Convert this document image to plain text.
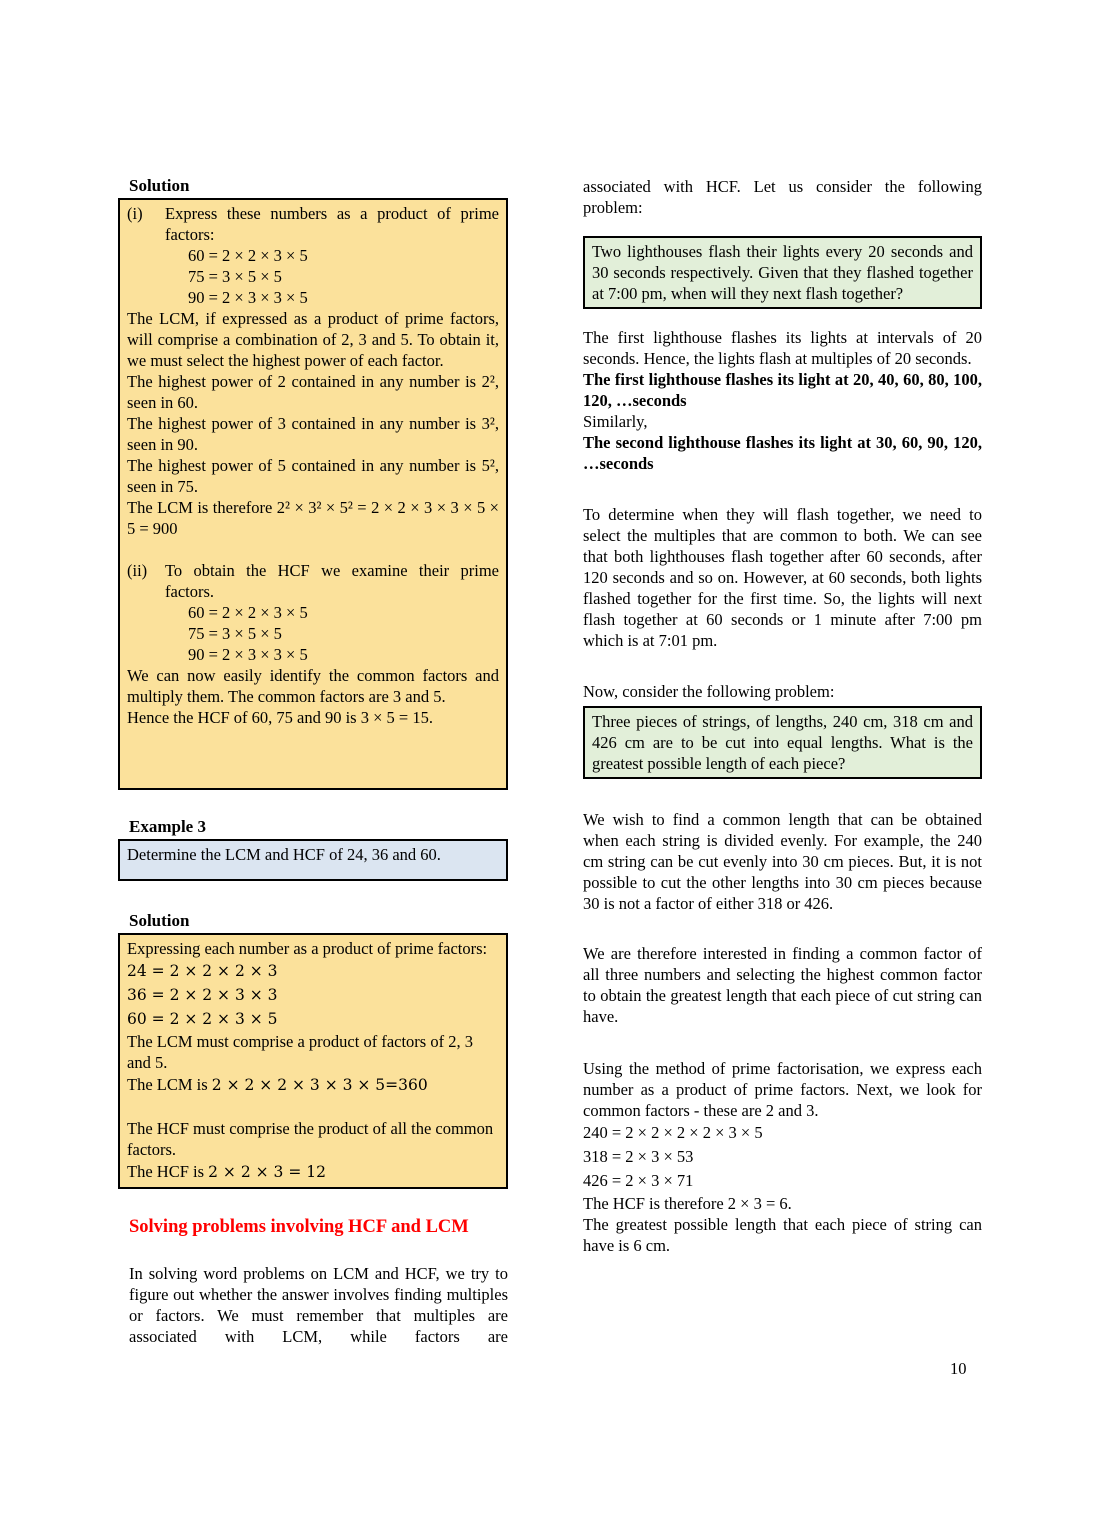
Solution
(i)	Express these numbers as a product of prime factors:
60 = 2 × 2 × 3 × 5
75 = 3 × 5 × 5
90 = 2 × 3 × 3 × 5
The LCM, if expressed as a product of prime factors, will comprise a combination of 2, 3 and 5. To obtain it, we must select the highest power of each factor.
The highest power of 2 contained in any number is 2², seen in 60.
The highest power of 3 contained in any number is 3², seen in 90.
The highest power of 5 contained in any number is 5², seen in 75.
The LCM is therefore 2² × 3² × 5² = 2 × 2 × 3 × 3 × 5 × 5 = 900
(ii)	To obtain the HCF we examine their prime factors.
60 = 2 × 2 × 3 × 5
75 = 3 × 5 × 5
90 = 2 × 3 × 3 × 5
We can now easily identify the common factors and multiply them. The common factors are 3 and 5.
Hence the HCF of 60, 75 and 90 is 3 × 5 = 15.
Example 3
Determine the LCM and HCF of 24, 36 and 60.
Solution
Expressing each number as a product of prime factors:
24 = 2 × 2 × 2 × 3
36 = 2 × 2 × 3 × 3
60 = 2 × 2 × 3 × 5
The LCM must comprise a product of factors of 2, 3 and 5.
The LCM is 2 × 2 × 2 × 3 × 3 × 5=360
The HCF must comprise the product of all the common factors.
The HCF is 2 × 2 × 3 = 12
Solving problems involving HCF and LCM
In solving word problems on LCM and HCF, we try to figure out whether the answer involves finding multiples or factors. We must remember that multiples are associated with LCM, while factors are
associated with HCF. Let us consider the following problem:
Two lighthouses flash their lights every 20 seconds and 30 seconds respectively. Given that they flashed together at 7:00 pm, when will they next flash together?
The first lighthouse flashes its lights at intervals of 20 seconds. Hence, the lights flash at multiples of 20 seconds.
The first lighthouse flashes its light at 20, 40, 60, 80, 100, 120, …seconds
Similarly,
The second lighthouse flashes its light at 30, 60, 90, 120, …seconds
To determine when they will flash together, we need to select the multiples that are common to both. We can see that both lighthouses flash together after 60 seconds, after 120 seconds and so on. However, at 60 seconds, both lights flashed together for the first time. So, the lights will next flash together at 60 seconds or 1 minute after 7:00 pm which is at 7:01 pm.
Now, consider the following problem:
Three pieces of strings, of lengths, 240 cm, 318 cm and 426 cm are to be cut into equal lengths. What is the greatest possible length of each piece?
We wish to find a common length that can be obtained when each string is divided evenly. For example, the 240 cm string can be cut evenly into 30 cm pieces. But, it is not possible to cut the other lengths into 30 cm pieces because 30 is not a factor of either 318 or 426.
We are therefore interested in finding a common factor of all three numbers and selecting the highest common factor to obtain the greatest length that each piece of cut string can have.
Using the method of prime factorisation, we express each number as a product of prime factors. Next, we look for common factors - these are 2 and 3.
240 = 2 × 2 × 2 × 2 × 3 × 5
318 = 2 × 3 × 53
426 = 2 × 3 × 71
The HCF is therefore 2 × 3 = 6.
The greatest possible length that each piece of string can have is 6 cm.
10
